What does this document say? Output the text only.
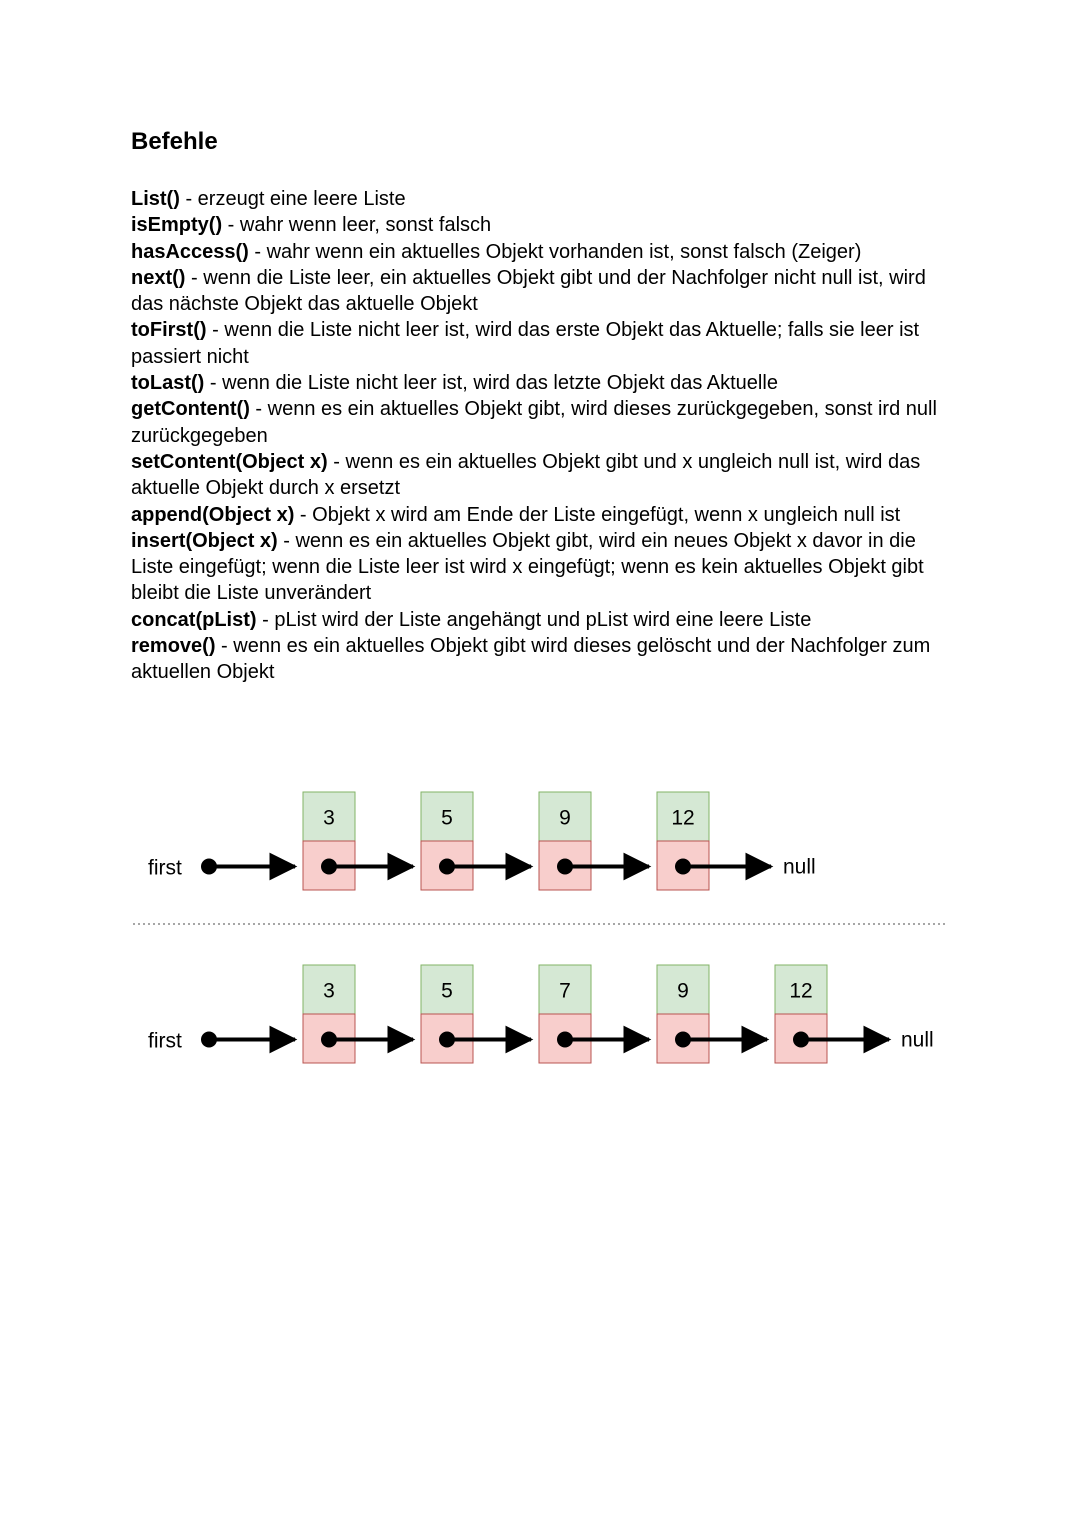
Befehle
List() - erzeugt eine leere Liste
isEmpty() - wahr wenn leer, sonst falsch
hasAccess() - wahr wenn ein aktuelles Objekt vorhanden ist, sonst falsch (Zeiger)
next() - wenn die Liste leer, ein aktuelles Objekt gibt und der Nachfolger nicht null ist, wird das nächste Objekt das aktuelle Objekt
toFirst() - wenn die Liste nicht leer ist, wird das erste Objekt das Aktuelle; falls sie leer ist passiert nicht
toLast() - wenn die Liste nicht leer ist, wird das letzte Objekt das Aktuelle
getContent() - wenn es ein aktuelles Objekt gibt, wird dieses zurückgegeben, sonst ird null zurückgegeben
setContent(Object x) - wenn es ein aktuelles Objekt gibt und x ungleich null ist, wird das aktuelle Objekt durch x ersetzt
append(Object x) - Objekt x wird am Ende der Liste eingefügt, wenn x ungleich null ist
insert(Object x) - wenn es ein aktuelles Objekt gibt, wird ein neues Objekt x davor in die Liste eingefügt; wenn die Liste leer ist wird x eingefügt; wenn es kein aktuelles Objekt gibt bleibt die Liste unverändert
concat(pList) - pList wird der Liste angehängt und pList wird eine leere Liste
remove() - wenn es ein aktuelles Objekt gibt wird dieses gelöscht und der Nachfolger zum aktuellen Objekt
first
3	5	9	12
null
first
3	5	7	9	12
null
